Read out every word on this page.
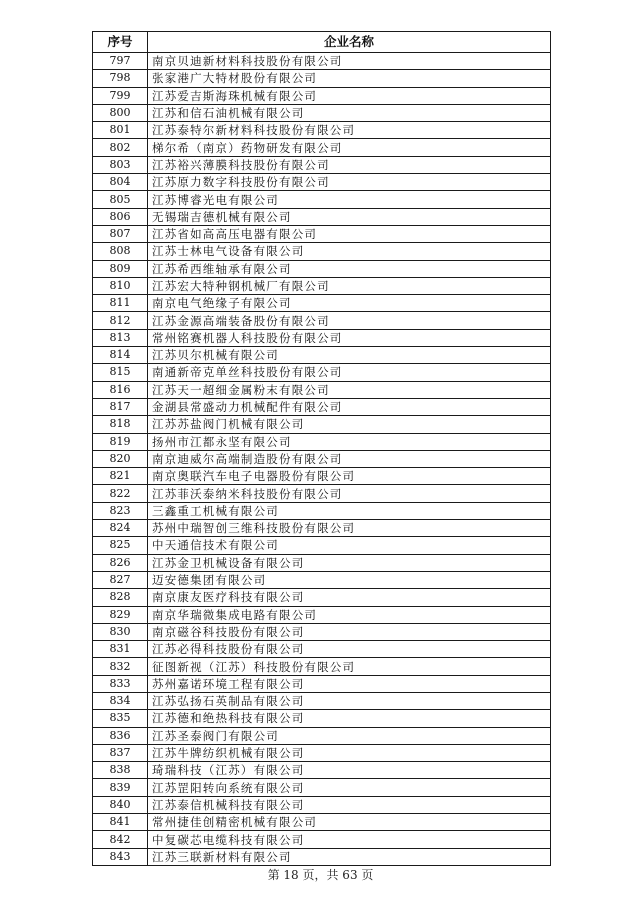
序号	企业名称
797	南京贝迪新材料科技股份有限公司
798	张家港广大特材股份有限公司
799	江苏爱吉斯海珠机械有限公司
800	江苏和信石油机械有限公司
801	江苏泰特尔新材料科技股份有限公司
802	梯尔希（南京）药物研发有限公司
803	江苏裕兴薄膜科技股份有限公司
804	江苏原力数字科技股份有限公司
805	江苏博睿光电有限公司
806	无锡瑞吉德机械有限公司
807	江苏省如高高压电器有限公司
808	江苏士林电气设备有限公司
809	江苏希西维轴承有限公司
810	江苏宏大特种钢机械厂有限公司
811	南京电气绝缘子有限公司
812	江苏金源高端装备股份有限公司
813	常州铭赛机器人科技股份有限公司
814	江苏贝尔机械有限公司
815	南通新帝克单丝科技股份有限公司
816	江苏天一超细金属粉末有限公司
817	金湖县常盛动力机械配件有限公司
818	江苏苏盐阀门机械有限公司
819	扬州市江都永坚有限公司
820	南京迪威尔高端制造股份有限公司
821	南京奥联汽车电子电器股份有限公司
822	江苏菲沃泰纳米科技股份有限公司
823	三鑫重工机械有限公司
824	苏州中瑞智创三维科技股份有限公司
825	中天通信技术有限公司
826	江苏金卫机械设备有限公司
827	迈安德集团有限公司
828	南京康友医疗科技有限公司
829	南京华瑞微集成电路有限公司
830	南京磁谷科技股份有限公司
831	江苏必得科技股份有限公司
832	征图新视（江苏）科技股份有限公司
833	苏州嘉诺环境工程有限公司
834	江苏弘扬石英制品有限公司
835	江苏德和绝热科技有限公司
836	江苏圣泰阀门有限公司
837	江苏牛牌纺织机械有限公司
838	琦瑞科技（江苏）有限公司
839	江苏罡阳转向系统有限公司
840	江苏泰信机械科技有限公司
841	常州捷佳创精密机械有限公司
842	中复碳芯电缆科技有限公司
843	江苏三联新材料有限公司
第 18 页，共 63 页
